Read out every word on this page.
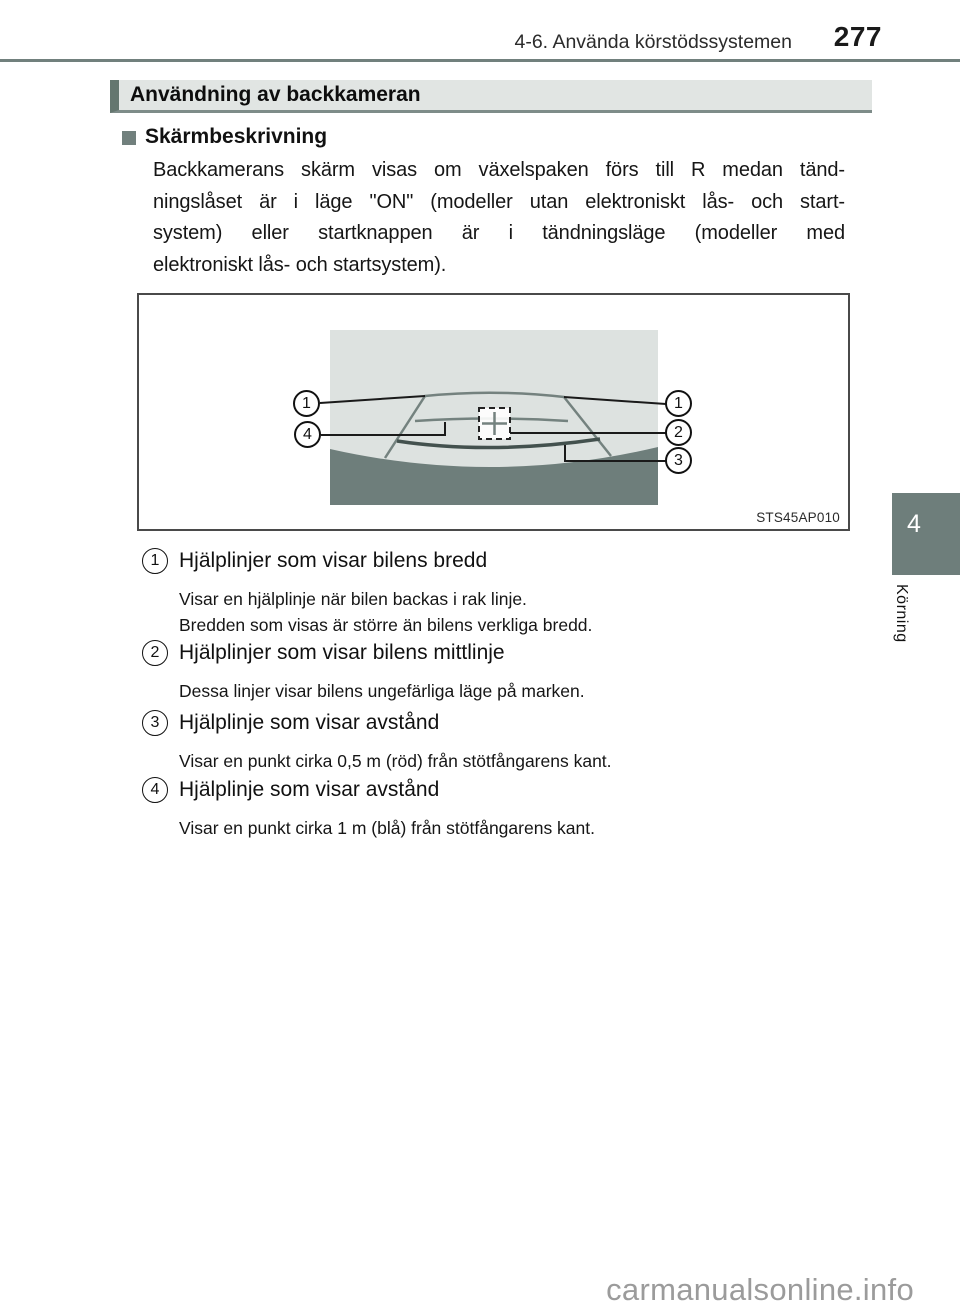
4-6. Använda körstödssystemen 277
Användning av backkameran
Skärmbeskrivning
Backkamerans skärm visas om växelspaken förs till R medan tänd-
ningslåset är i läge "ON" (modeller utan elektroniskt lås- och start-
system) eller startknappen är i tändningsläge (modeller med
elektroniskt lås- och startsystem).
1
4
1
2
3
STS45AP010
1 Hjälplinjer som visar bilens bredd
Visar en hjälplinje när bilen backas i rak linje.
Bredden som visas är större än bilens verkliga bredd.
2 Hjälplinjer som visar bilens mittlinje
Dessa linjer visar bilens ungefärliga läge på marken.
3 Hjälplinje som visar avstånd
Visar en punkt cirka 0,5 m (röd) från stötfångarens kant.
4 Hjälplinje som visar avstånd
Visar en punkt cirka 1 m (blå) från stötfångarens kant.
4
Körning
carmanualsonline.info
